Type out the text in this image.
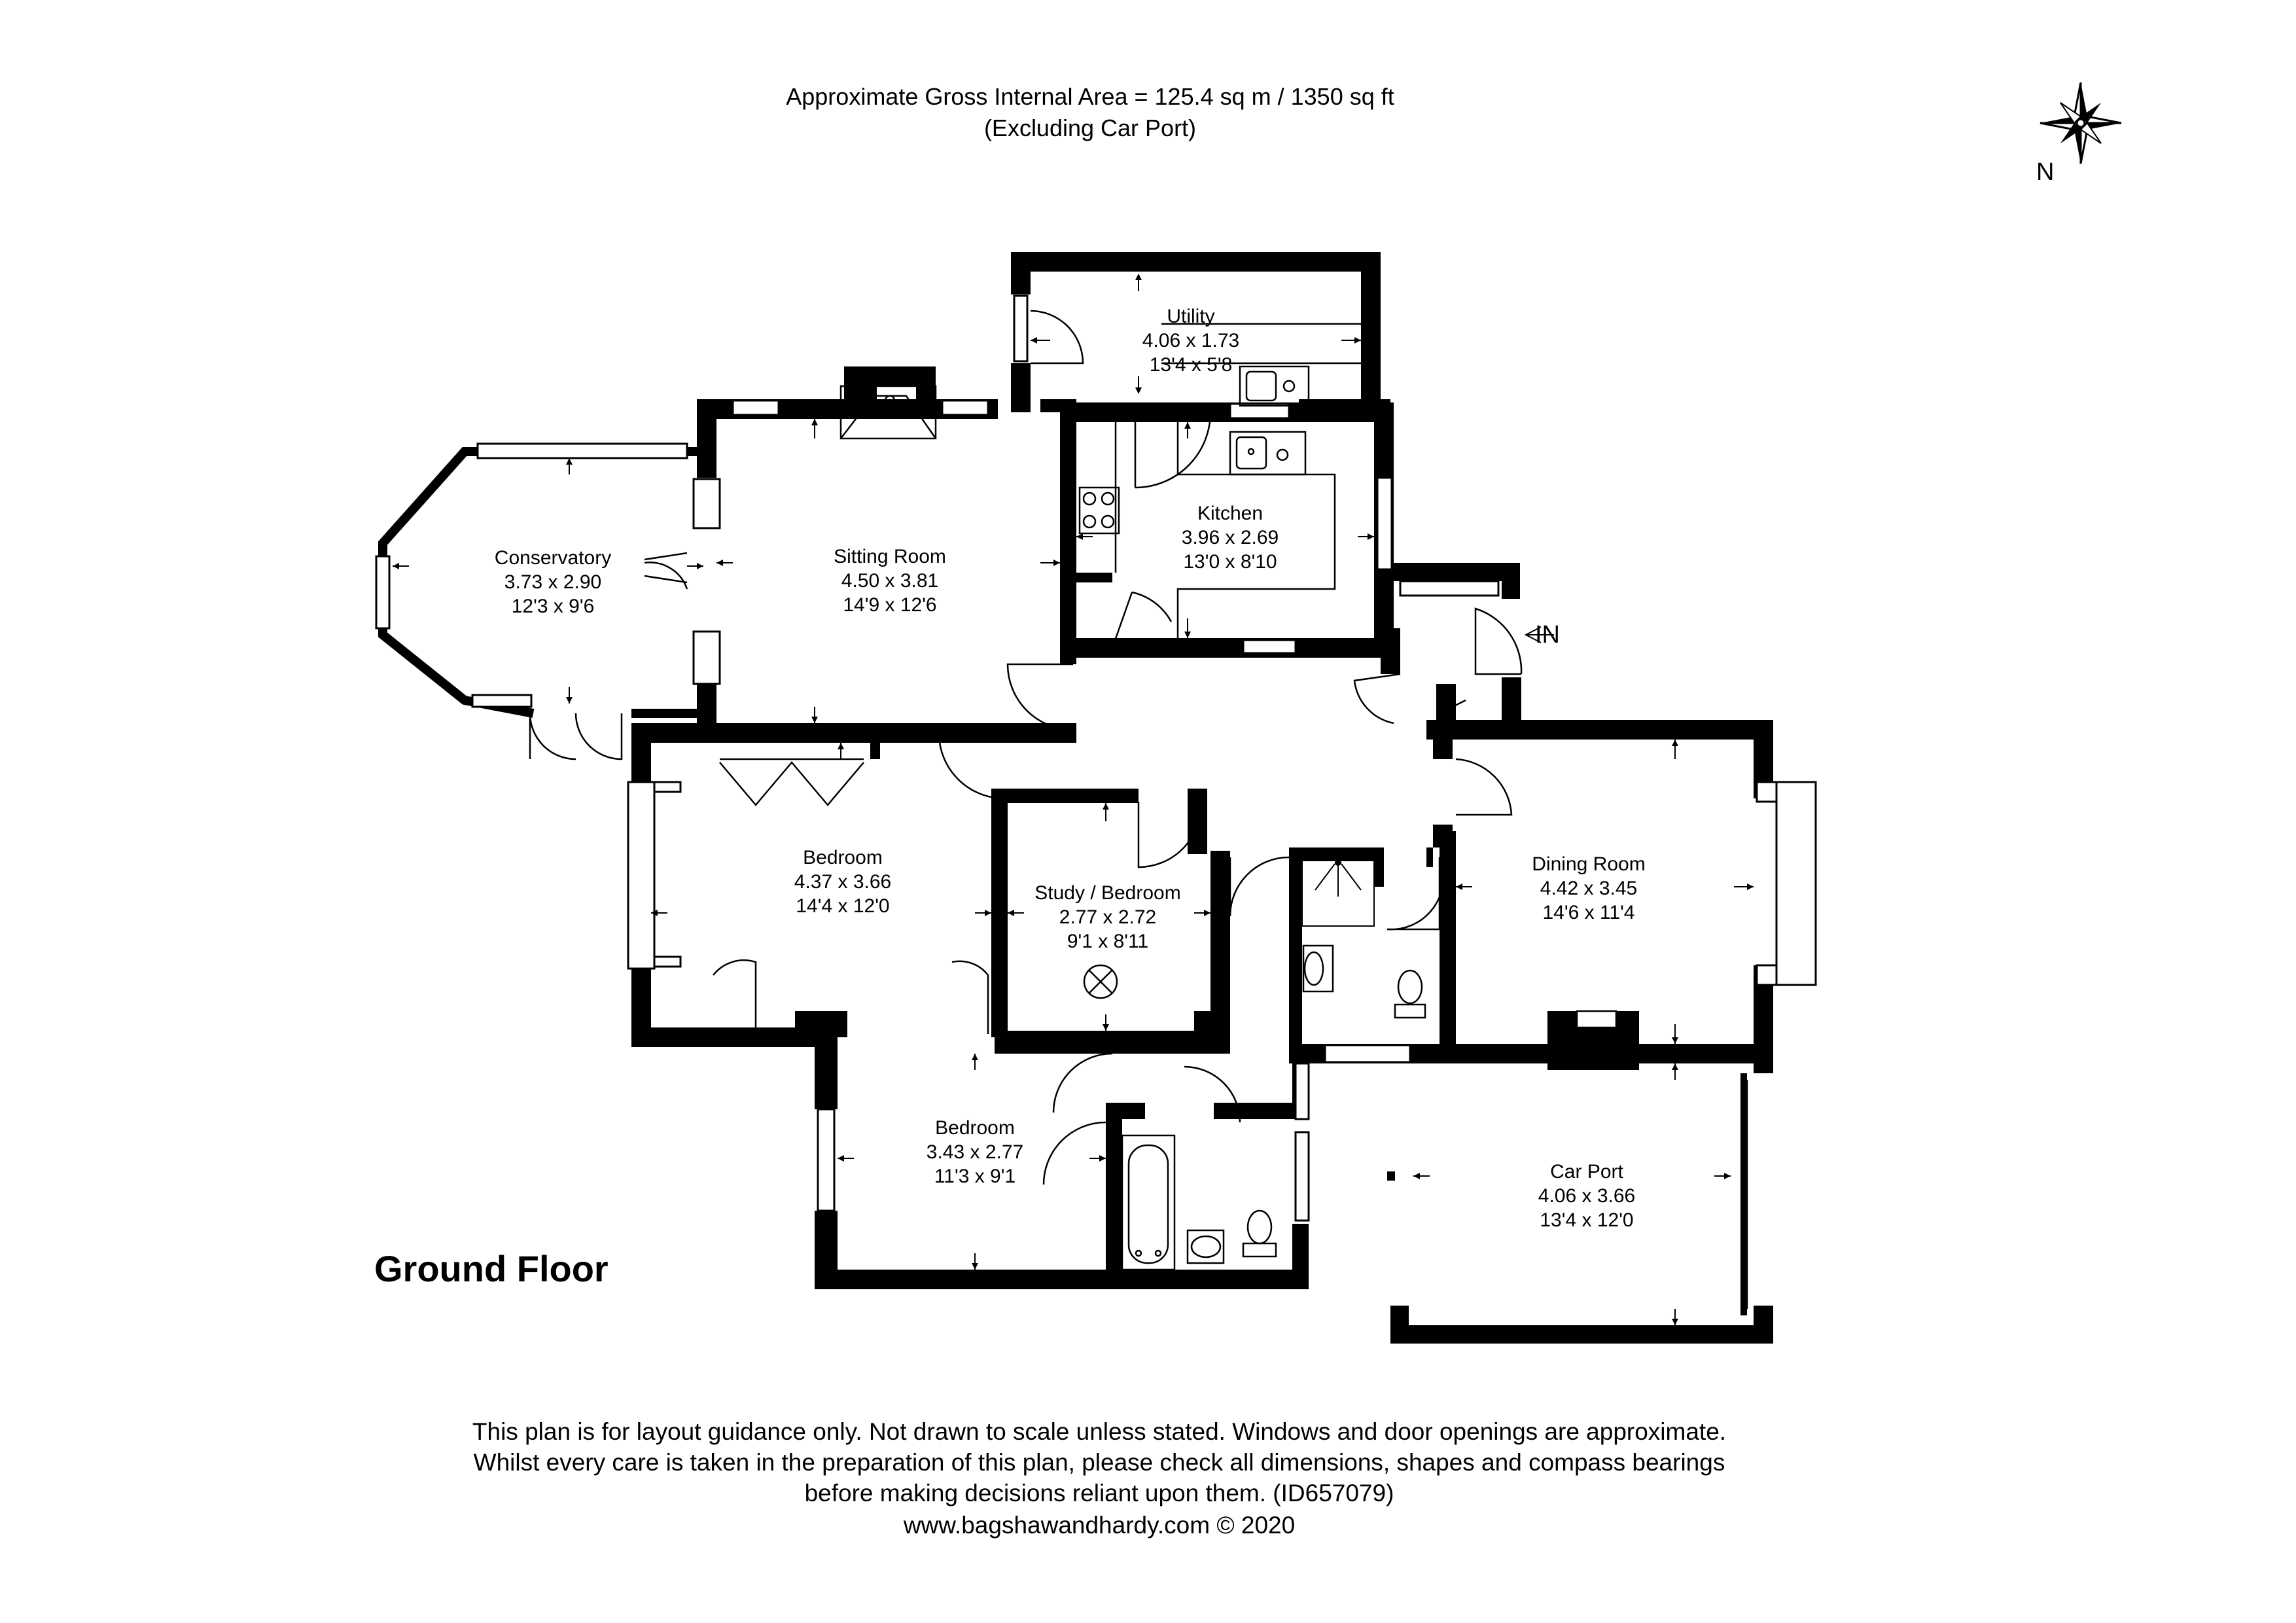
Approximate Gross Internal Area = 125.4 sq m / 1350 sq ft
(Excluding Car Port)
N
Ground Floor
IN
Utility
4.06 x 1.73
13'4 x 5'8
Kitchen
3.96 x 2.69
13'0 x 8'10
Sitting Room
4.50 x 3.81
14'9 x 12'6
Conservatory
3.73 x 2.90
12'3 x 9'6
Bedroom
4.37 x 3.66
14'4 x 12'0
Study / Bedroom
2.77 x 2.72
9'1 x 8'11
Dining Room
4.42 x 3.45
14'6 x 11'4
Bedroom
3.43 x 2.77
11'3 x 9'1	Car Port
4.06 x 3.66
13'4 x 12'0
This plan is for layout guidance only. Not drawn to scale unless stated. Windows and door openings are approximate.
Whilst every care is taken in the preparation of this plan, please check all dimensions, shapes and compass bearings
before making decisions reliant upon them. (ID657079)
www.bagshawandhardy.com © 2020
